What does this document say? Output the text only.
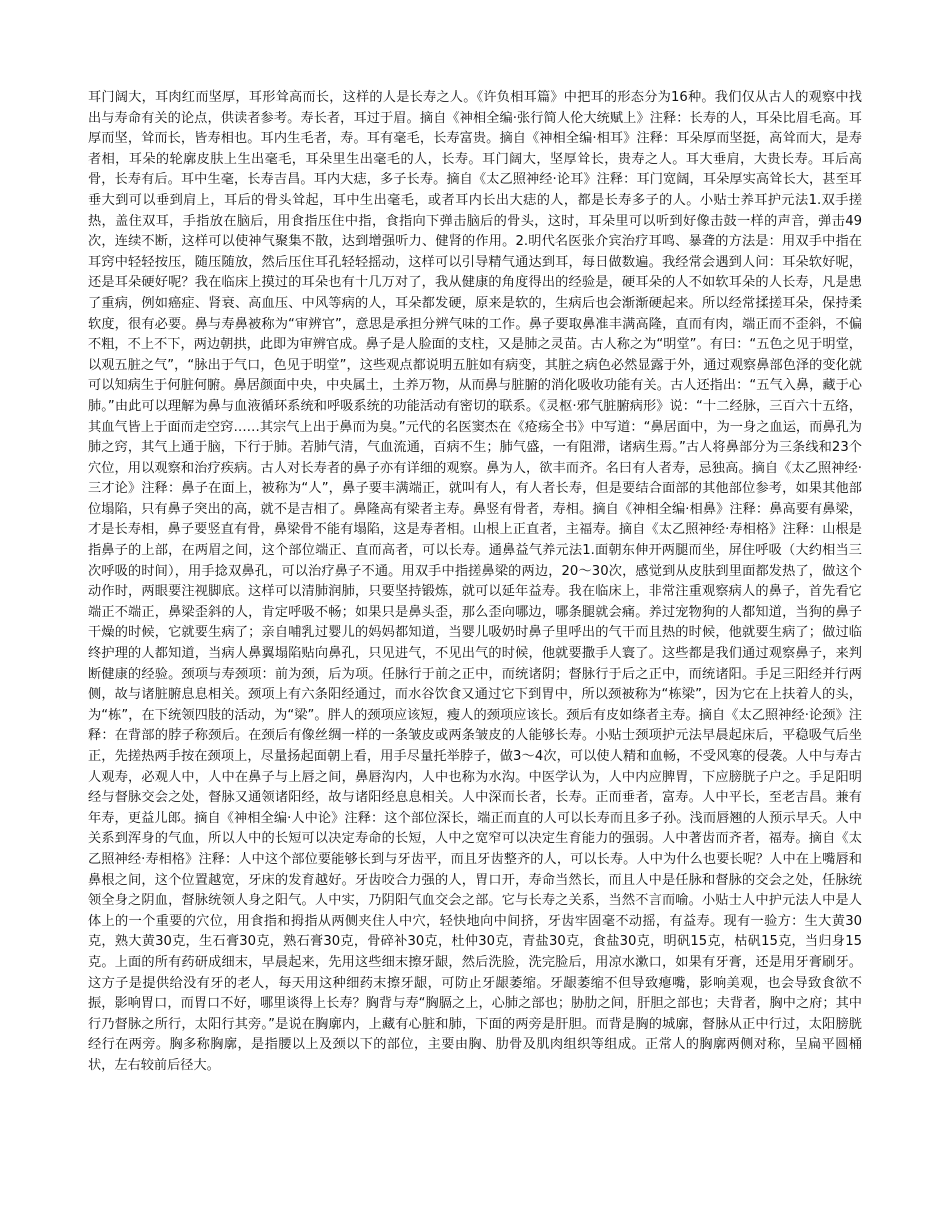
耳门阔大，耳肉红而坚厚，耳形耸高而长，这样的人是长寿之人。《许负相耳篇》中把耳的形态分为16种。我们仅从古人的观察中找出与寿命有关的论点，供读者参考。寿长者，耳过于眉。摘自《神相全编·张行简人伦大统赋上》注释：长寿的人，耳朵比眉毛高。耳厚而坚，耸而长，皆寿相也。耳内生毛者，寿。耳有毫毛，长寿富贵。摘自《神相全编·相耳》注释：耳朵厚而坚挺，高耸而大，是寿者相，耳朵的轮廓皮肤上生出毫毛，耳朵里生出毫毛的人，长寿。耳门阔大，坚厚耸长，贵寿之人。耳大垂肩，大贵长寿。耳后高骨，长寿有后。耳中生毫，长寿吉昌。耳内大痣，多子长寿。摘自《太乙照神经·论耳》注释：耳门宽阔，耳朵厚实高耸长大，甚至耳垂大到可以垂到肩上，耳后的骨头耸起，耳中生出毫毛，或者耳内长出大痣的人，都是长寿多子的人。小贴士养耳护元法1.双手搓热，盖住双耳，手指放在脑后，用食指压住中指，食指向下弹击脑后的骨头，这时，耳朵里可以听到好像击鼓一样的声音，弹击49次，连续不断，这样可以使神气聚集不散，达到增强听力、健肾的作用。2.明代名医张介宾治疗耳鸣、暴聋的方法是：用双手中指在耳窍中轻轻按压，随压随放，然后压住耳孔轻轻摇动，这样可以引导精气通达到耳，每日做数遍。我经常会遇到人问：耳朵软好呢，还是耳朵硬好呢？我在临床上摸过的耳朵也有十几万对了，我从健康的角度得出的经验是，硬耳朵的人不如软耳朵的人长寿，凡是患了重病，例如癌症、肾衰、高血压、中风等病的人，耳朵都发硬，原来是软的，生病后也会渐渐硬起来。所以经常揉搓耳朵，保持柔软度，很有必要。鼻与寿鼻被称为“审辨官”，意思是承担分辨气味的工作。鼻子要取鼻准丰满高隆，直而有肉，端正而不歪斜，不偏不粗，不上不下，两边朝拱，此即为审辨官成。鼻子是人脸面的支柱，又是肺之灵苗。古人称之为“明堂”。有曰：“五色之见于明堂，以观五脏之气”，“脉出于气口，色见于明堂”，这些观点都说明五脏如有病变，其脏之病色必然显露于外，通过观察鼻部色泽的变化就可以知病生于何脏何腑。鼻居颜面中央，中央属土，土养万物，从而鼻与脏腑的消化吸收功能有关。古人还指出：“五气入鼻，藏于心肺。”由此可以理解为鼻与血液循环系统和呼吸系统的功能活动有密切的联系。《灵枢·邪气脏腑病形》说：“十二经脉，三百六十五络，其血气皆上于面而走空窍……其宗气上出于鼻而为臭。”元代的名医窦杰在《疮疡全书》中写道：“鼻居面中，为一身之血运，而鼻孔为肺之窍，其气上通于脑，下行于肺。若肺气清，气血流通，百病不生；肺气盛，一有阻滞，诸病生焉。”古人将鼻部分为三条线和23个穴位，用以观察和治疗疾病。古人对长寿者的鼻子亦有详细的观察。鼻为人，欲丰而齐。名曰有人者寿，忌独高。摘自《太乙照神经·三才论》注释：鼻子在面上，被称为“人”，鼻子要丰满端正，就叫有人，有人者长寿，但是要结合面部的其他部位参考，如果其他部位塌陷，只有鼻子突出的高，就不是吉相了。鼻隆高有梁者主寿。鼻竖有骨者，寿相。摘自《神相全编·相鼻》注释：鼻高要有鼻梁，才是长寿相，鼻子要竖直有骨，鼻梁骨不能有塌陷，这是寿者相。山根上正直者，主福寿。摘自《太乙照神经·寿相格》注释：山根是指鼻子的上部，在两眉之间，这个部位端正、直而高者，可以长寿。通鼻益气养元法1.面朝东伸开两腿而坐，屏住呼吸（大约相当三次呼吸的时间），用手捻双鼻孔，可以治疗鼻子不通。用双手中指搓鼻梁的两边，20～30次，感觉到从皮肤到里面都发热了，做这个动作时，两眼要注视脚底。这样可以清肺润肺，只要坚持锻炼，就可以延年益寿。我在临床上，非常注重观察病人的鼻子，首先看它端正不端正，鼻梁歪斜的人，肯定呼吸不畅；如果只是鼻头歪，那么歪向哪边，哪条腿就会痛。养过宠物狗的人都知道，当狗的鼻子干燥的时候，它就要生病了；亲自哺乳过婴儿的妈妈都知道，当婴儿吸奶时鼻子里呼出的气干而且热的时候，他就要生病了；做过临终护理的人都知道，当病人鼻翼塌陷贴向鼻孔，只见进气，不见出气的时候，他就要撒手人寰了。这些都是我们通过观察鼻子，来判断健康的经验。颈项与寿颈项：前为颈，后为项。任脉行于前之正中，而统诸阴；督脉行于后之正中，而统诸阳。手足三阳经并行两侧，故与诸脏腑息息相关。颈项上有六条阳经通过，而水谷饮食又通过它下到胃中，所以颈被称为“栋梁”，因为它在上扶着人的头，为“栋”，在下统领四肢的活动，为“梁”。胖人的颈项应该短，瘦人的颈项应该长。颈后有皮如绦者主寿。摘自《太乙照神经·论颈》注释：在背部的脖子称颈后。在颈后有像丝绸一样的一条皱皮或两条皱皮的人能够长寿。小贴士颈项护元法早晨起床后，平稳吸气后坐正，先搓热两手按在颈项上，尽量扬起面朝上看，用手尽量托举脖子，做3～4次，可以使人精和血畅，不受风寒的侵袭。人中与寿古人观寿，必观人中，人中在鼻子与上唇之间，鼻唇沟内，人中也称为水沟。中医学认为，人中内应脾胃，下应膀胱子户之。手足阳明经与督脉交会之处，督脉又通领诸阳经，故与诸阳经息息相关。人中深而长者，长寿。正而垂者，富寿。人中平长，至老吉昌。兼有年寿，更益儿郎。摘自《神相全编·人中论》注释：这个部位深长，端正而直的人可以长寿而且多子孙。浅而唇翘的人预示早夭。人中关系到浑身的气血，所以人中的长短可以决定寿命的长短，人中之宽窄可以决定生育能力的强弱。人中著齿而齐者，福寿。摘自《太乙照神经·寿相格》注释：人中这个部位要能够长到与牙齿平，而且牙齿整齐的人，可以长寿。人中为什么也要长呢？人中在上嘴唇和鼻根之间，这个位置越宽，牙床的发育越好。牙齿咬合力强的人，胃口开，寿命当然长，而且人中是任脉和督脉的交会之处，任脉统领全身之阴血，督脉统领人身之阳气。人中实，乃阴阳气血交会之部。它与长寿之关系，当然不言而喻。小贴士人中护元法人中是人体上的一个重要的穴位，用食指和拇指从两侧夹住人中穴，轻快地向中间挤，牙齿牢固毫不动摇，有益寿。现有一验方：生大黄30克，熟大黄30克，生石膏30克，熟石膏30克，骨碎补30克，杜仲30克，青盐30克，食盐30克，明矾15克，枯矾15克，当归身15克。上面的所有药研成细末，早晨起来，先用这些细末擦牙龈，然后洗脸，洗完脸后，用凉水漱口，如果有牙膏，还是用牙膏刷牙。这方子是提供给没有牙的老人，每天用这种细药末擦牙龈，可防止牙龈萎缩。牙龈萎缩不但导致瘪嘴，影响美观，也会导致食欲不振，影响胃口，而胃口不好，哪里谈得上长寿？胸背与寿“胸膈之上，心肺之部也；胁肋之间，肝胆之部也；夫背者，胸中之府；其中行乃督脉之所行，太阳行其旁。”是说在胸廓内，上藏有心脏和肺，下面的两旁是肝胆。而背是胸的城廓，督脉从正中行过，太阳膀胱经行在两旁。胸多称胸廓，是指腰以上及颈以下的部位，主要由胸、肋骨及肌肉组织等组成。正常人的胸廓两侧对称，呈扁平圆桶状，左右较前后径大。
